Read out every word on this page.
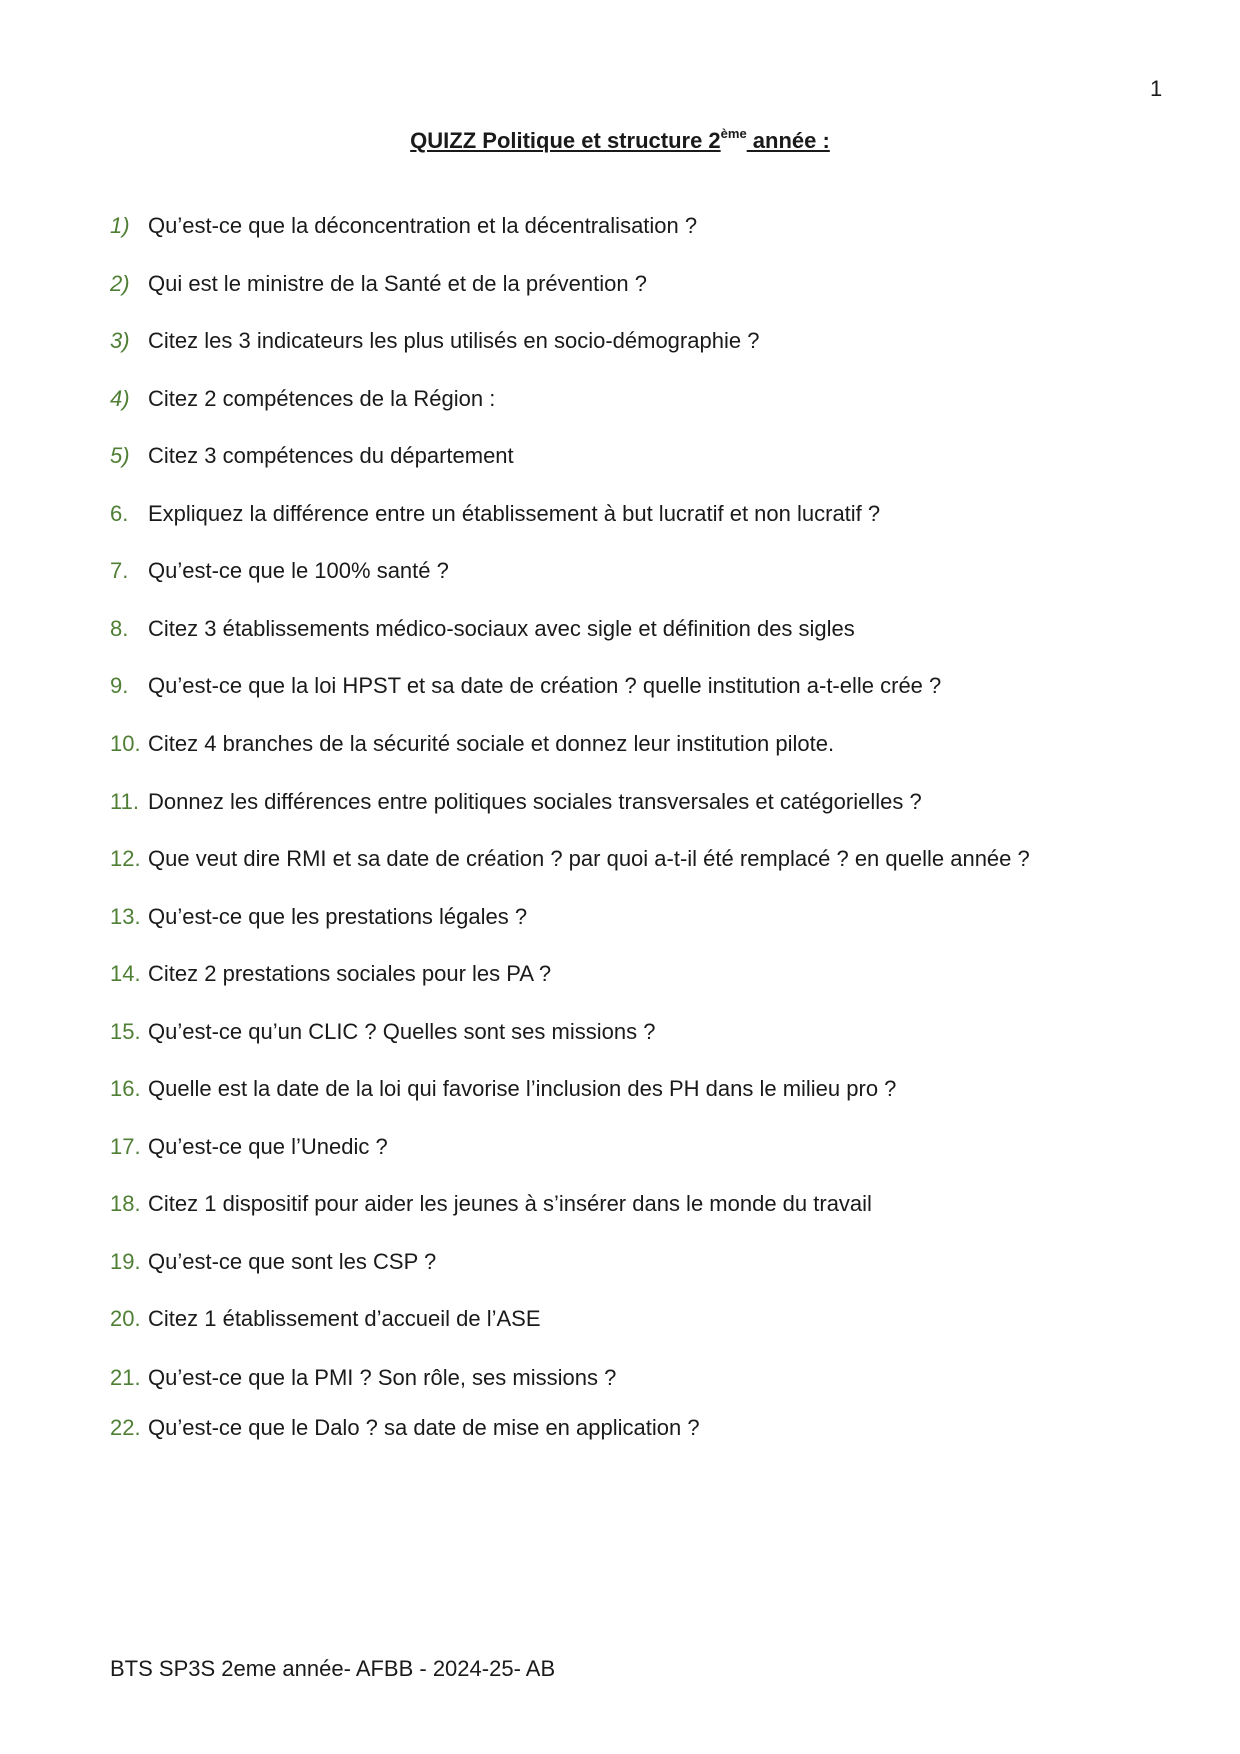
1
QUIZZ Politique et structure 2ème année :
1) Qu’est-ce que la déconcentration et la décentralisation ?
2) Qui est le ministre de la Santé et de la prévention ?
3) Citez les 3 indicateurs les plus utilisés en socio-démographie ?
4) Citez 2 compétences de la Région :
5) Citez 3 compétences du département
6. Expliquez la différence entre un établissement à but lucratif et non lucratif ?
7. Qu’est-ce que le 100% santé ?
8. Citez 3 établissements médico-sociaux avec sigle et définition des sigles
9. Qu’est-ce que la loi HPST et sa date de création ? quelle institution a-t-elle crée ?
10. Citez 4 branches de la sécurité sociale et donnez leur institution pilote.
11. Donnez les différences entre politiques sociales transversales et catégorielles ?
12. Que veut dire RMI et sa date de création ? par quoi a-t-il été remplacé ? en quelle année ?
13. Qu’est-ce que les prestations légales ?
14. Citez 2 prestations sociales pour les PA ?
15. Qu’est-ce qu’un CLIC ? Quelles sont ses missions ?
16. Quelle est la date de la loi qui favorise l’inclusion des PH dans le milieu pro ?
17. Qu’est-ce que l’Unedic ?
18. Citez 1 dispositif pour aider les jeunes à s’insérer dans le monde du travail
19. Qu’est-ce que sont les CSP ?
20. Citez 1 établissement d’accueil de l’ASE
21. Qu’est-ce que la PMI ? Son rôle, ses missions ?
22. Qu’est-ce que le Dalo ? sa date de mise en application ?
BTS SP3S 2eme année- AFBB - 2024-25- AB
